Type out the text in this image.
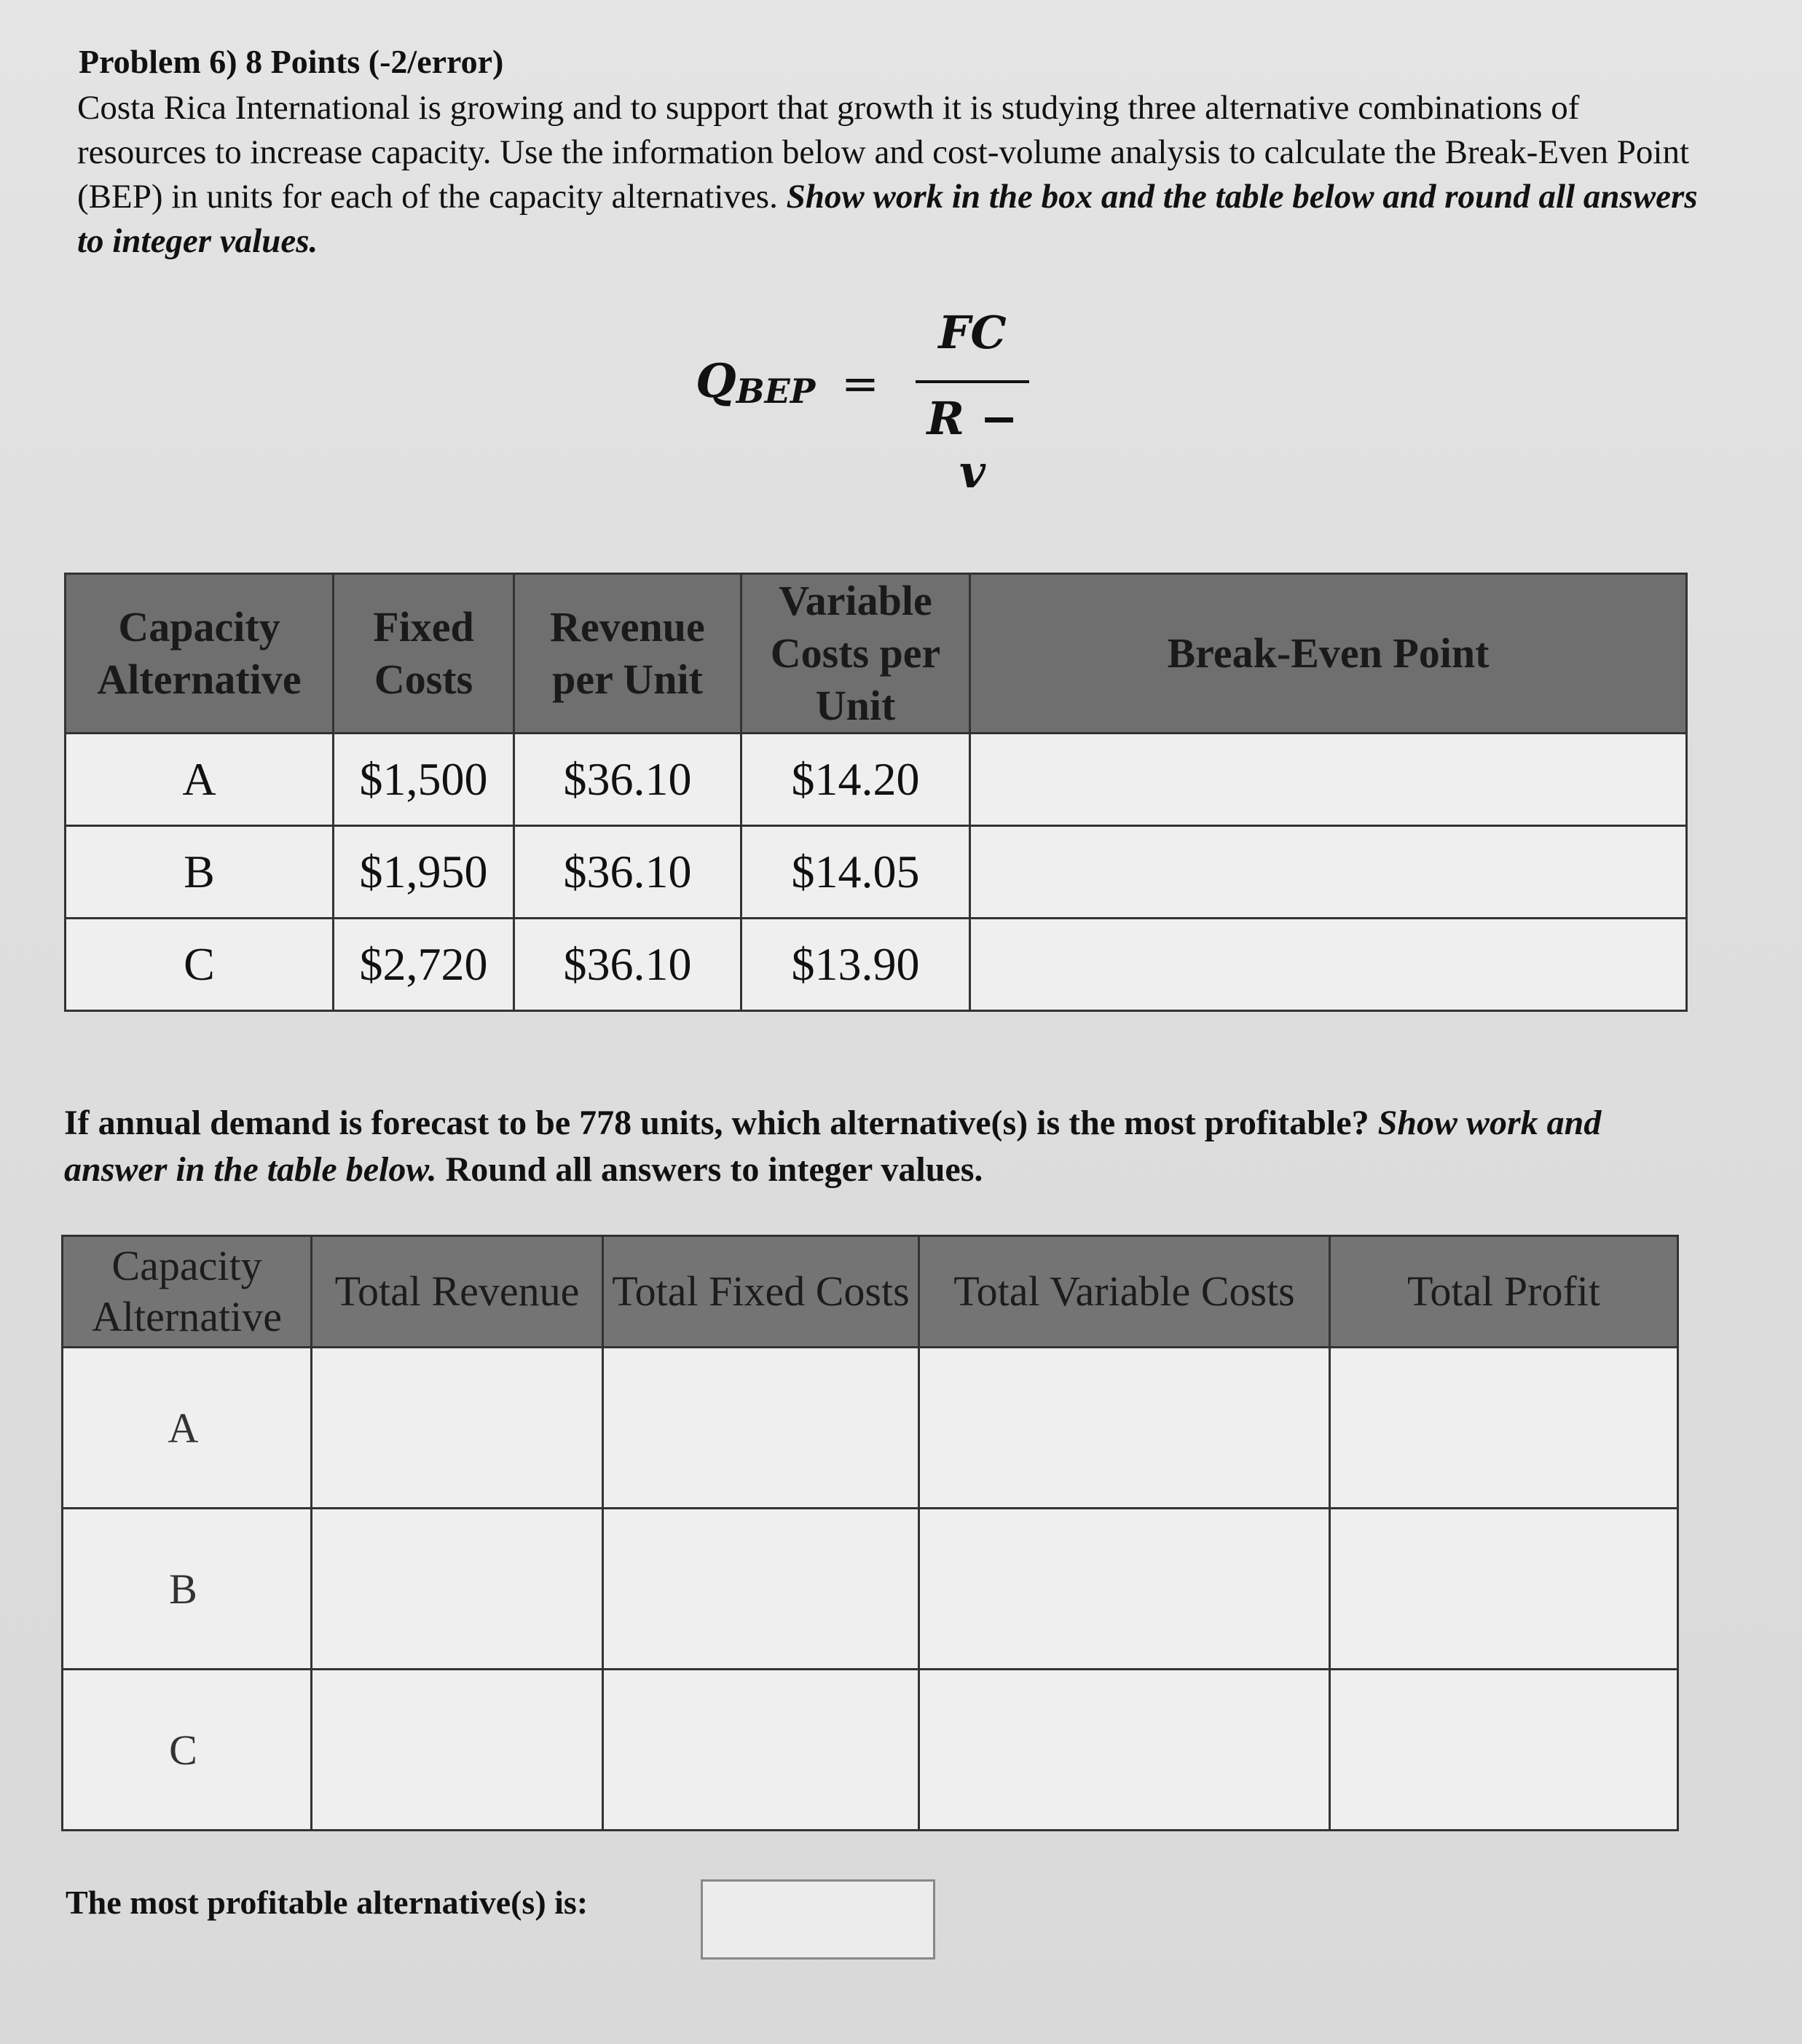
Problem 6) 8 Points (-2/error)
Costa Rica International is growing and to support that growth it is studying three alternative combinations of resources to increase capacity. Use the information below and cost-volume analysis to calculate the Break-Even Point (BEP) in units for each of the capacity alternatives. Show work in the box and the table below and round all answers to integer values.
$Q_{BEP}$ =
FC
R − v
Capacity Alternative	Fixed Costs	Revenue per Unit	Variable Costs per Unit	Break-Even Point
A	$1,500	$36.10	$14.20	
B	$1,950	$36.10	$14.05	
C	$2,720	$36.10	$13.90	
If annual demand is forecast to be 778 units, which alternative(s) is the most profitable? Show work and answer in the table below. Round all answers to integer values.
Capacity Alternative	Total Revenue	Total Fixed Costs	Total Variable Costs	Total Profit
A				
B				
C				
The most profitable alternative(s) is:
